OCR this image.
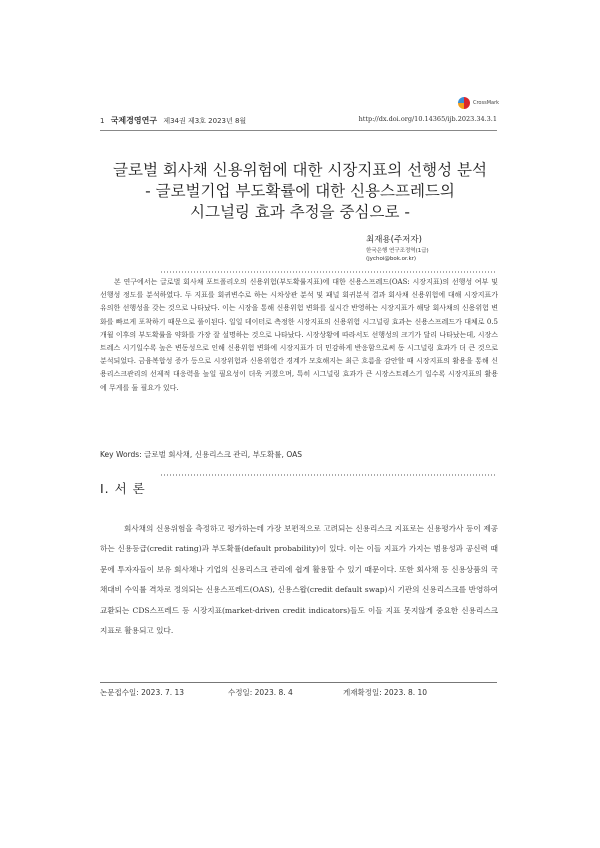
CrossMark
1 국제경영연구 제34권 제3호 2023년 8월	http://dx.doi.org/10.14365/ijb.2023.34.3.1
글로벌 회사채 신용위험에 대한 시장지표의 선행성 분석
- 글로벌기업 부도확률에 대한 신용스프레드의
시그널링 효과 추정을 중심으로 -
최재용(주저자)
한국은행 연구조정역(1급)
(jychoi@bok.or.kr)
본 연구에서는 글로벌 회사채 포트폴리오의 신용위험(부도확률지표)에 대한 신용스프레드(OAS: 시장지표)의 선행성 여부 및 선행성 정도를 분석하였다. 두 지표를 회귀변수로 하는 시차상관 분석 및 패널 회귀분석 결과 회사채 신용위험에 대해 시장지표가 유의한 선행성을 갖는 것으로 나타났다. 이는 시장을 통해 신용위험 변화를 실시간 반영하는 시장지표가 해당 회사채의 신용위험 변화를 빠르게 포착하기 때문으로 풀이된다. 일일 데이터로 측정한 시장지표의 신용위험 시그널링 효과는 신용스프레드가 대체로 0.5개월 이후의 부도확률을 약화를 가장 잘 설명하는 것으로 나타났다. 시장상황에 따라서도 선행성의 크기가 달리 나타났는데, 시장스트레스 시기일수록 높은 변동성으로 인해 신용위험 변화에 시장지표가 더 민감하게 반응함으로써 동 시그널링 효과가 더 큰 것으로 분석되었다. 금융복합성 증가 등으로 시장위험과 신용위험간 경계가 모호해지는 최근 흐름을 감안할 때 시장지표의 활용을 통해 신용리스크관리의 선제적 대응력을 높일 필요성이 더욱 커졌으며, 특히 시그널링 효과가 큰 시장스트레스기 일수록 시장지표의 활용에 무게를 둘 필요가 있다.
Key Words: 글로벌 회사채, 신용리스크 관리, 부도확률, OAS
Ⅰ. 서 론
회사채의 신용위험을 측정하고 평가하는데 가장 보편적으로 고려되는 신용리스크 지표로는 신용평가사 등이 제공하는 신용등급(credit rating)과 부도확률(default probability)이 있다. 이는 이들 지표가 가지는 범용성과 공신력 때문에 투자자들이 보유 회사채나 기업의 신용리스크 관리에 쉽게 활용할 수 있기 때문이다. 또한 회사채 등 신용상품의 국채대비 수익률 격차로 정의되는 신용스프레드(OAS), 신용스왑(credit default swap)시 기관의 신용리스크를 반영하여 교환되는 CDS스프레드 등 시장지표(market-driven credit indicators)들도 이들 지표 못지않게 중요한 신용리스크 지표로 활용되고 있다.
논문접수일: 2023. 7. 13	수정일: 2023. 8. 4	게재확정일: 2023. 8. 10
